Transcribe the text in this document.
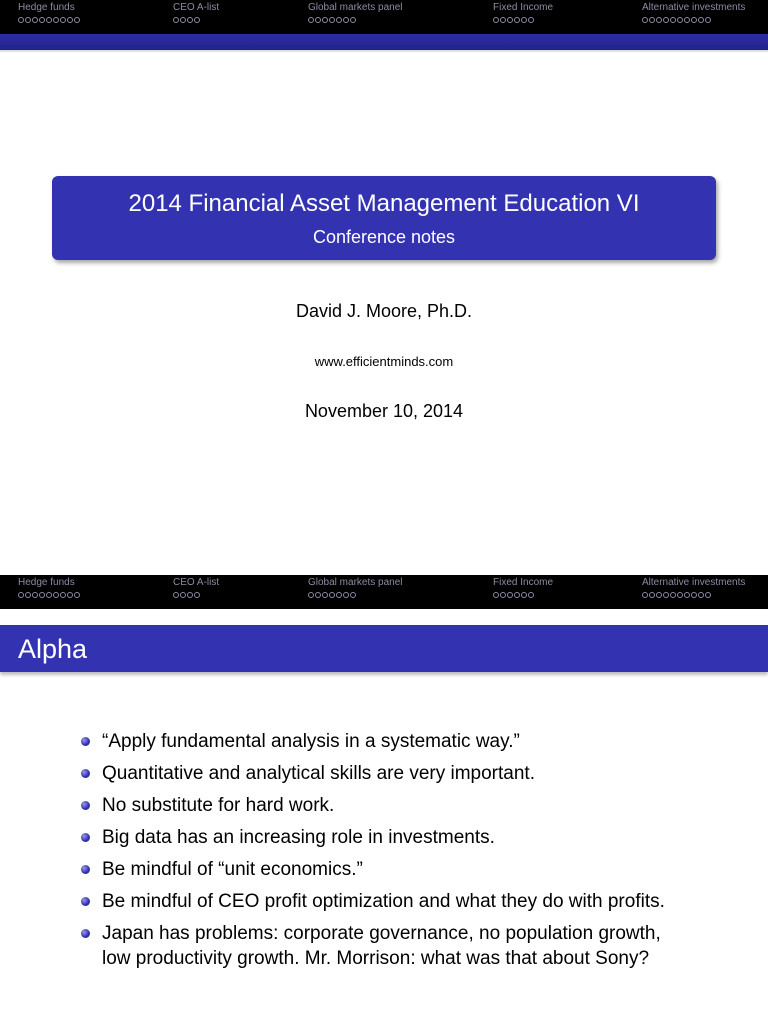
Hedge funds	CEO A-list	Global markets panel	Fixed Income	Alternative investments
2014 Financial Asset Management Education VI
Conference notes
David J. Moore, Ph.D.
www.efficientminds.com
November 10, 2014
Hedge funds	CEO A-list	Global markets panel	Fixed Income	Alternative investments
Alpha
“Apply fundamental analysis in a systematic way.”
Quantitative and analytical skills are very important.
No substitute for hard work.
Big data has an increasing role in investments.
Be mindful of “unit economics.”
Be mindful of CEO profit optimization and what they do with profits.
Japan has problems: corporate governance, no population growth, low productivity growth. Mr. Morrison: what was that about Sony?
